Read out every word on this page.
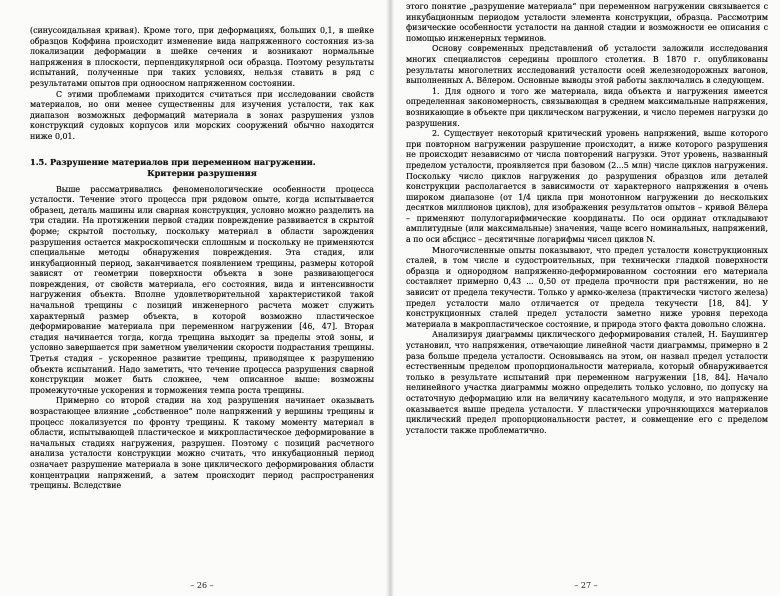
(синусоидальная кривая). Кроме того, при деформациях, больших 0,1, в шейке образцов Коффина происходит изменение вида напряженного состояния из-за локализации деформации в шейке сечения и возникают нормальные напряжения в плоскости, перпендикулярной оси образца. Поэтому результаты испытаний, полученные при таких условиях, нельзя ставить в ряд с результатами опытов при одноосном напряженном состоянии.

С этими проблемами приходится считаться при исследовании свойств материалов, но они менее существенны для изучения усталости, так как диапазон возможных деформаций материала в зонах разрушения узлов конструкций судовых корпусов или морских сооружений обычно находится ниже 0,01.

1.5. Разрушение материалов при переменном нагружении.
Критерии разрушения

Выше рассматривались феноменологические особенности процесса усталости. Течение этого процесса при рядовом опыте, когда испытывается образец, деталь машины или сварная конструкция, условно можно разделить на три стадии. На протяжении первой стадии повреждение развивается в скрытой форме; скрытой постольку, поскольку материал в области зарождения разрушения остается макроскопически сплошным и поскольку не применяются специальные методы обнаружения повреждения. Эта стадия, или инкубационный период, заканчивается появлением трещины, размеры которой зависят от геометрии поверхности объекта в зоне развивающегося повреждения, от свойств материала, его состояния, вида и интенсивности нагружения объекта. Вполне удовлетворительной характеристикой такой начальной трещины с позиций инженерного расчета может служить характерный размер объекта, в которой возможно пластическое деформирование материала при переменном нагружении [46, 47]. Вторая стадия начинается тогда, когда трещина выходит за пределы этой зоны, и условно завершается при заметном увеличении скорости подрастания трещины. Третья стадия – ускоренное развитие трещины, приводящее к разрушению объекта испытаний. Надо заметить, что течение процесса разрушения сварной конструкции может быть сложнее, чем описанное выше: возможны промежуточные ускорения и торможения темпа роста трещины.

Примерно со второй стадии на ход разрушения начинает оказывать возрастающее влияние „собственное“ поле напряжений у вершины трещины и процесс локализуется по фронту трещины. К такому моменту материал в области, испытывающей пластическое и микропластическое деформирование в начальных стадиях нагружения, разрушен. Поэтому с позиций расчетного анализа усталости конструкции можно считать, что инкубационный период означает разрушение материала в зоне циклического деформирования области концентрации напряжений, а затем происходит период распространения трещины. Вследствие

– 26 –

этого понятие „разрушение материала“ при переменном нагружении связывается с инкубационным периодом усталости элемента конструкции, образца. Рассмотрим физические особенности усталости на данной стадии и возможности ее описания с помощью инженерных терминов.

Основу современных представлений об усталости заложили исследования многих специалистов середины прошлого столетия. В 1870 г. опубликованы результаты многолетних исследований усталости осей железнодорожных вагонов, выполненных А. Вёлером. Основные выводы этой работы заключались в следующем.

1. Для одного и того же материала, вида объекта и нагружения имеется определенная закономерность, связывающая в среднем максимальные напряжения, возникающие в объекте при циклическом нагружении, и число перемен нагрузки до разрушения.

2. Существует некоторый критический уровень напряжений, выше которого при повторном нагружении разрушение происходит, а ниже которого разрушения не происходит независимо от числа повторений нагрузки. Этот уровень, названный пределом усталости, проявляется при базовом (2...5 млн) числе циклов нагружения. Поскольку число циклов нагружения до разрушения образцов или деталей конструкции располагается в зависимости от характерного напряжения в очень широком диапазоне (от 1/4 цикла при монотонном нагружении до нескольких десятков миллионов циклов), для изображения результатов опытов – кривой Вёлера – применяют полулогарифмические координаты. По оси ординат откладывают амплитудные (или максимальные) значения, чаще всего номинальных, напряжений, а по оси абсцисс – десятичные логарифмы чисел циклов N.

Многочисленные опыты показывают, что предел усталости конструкционных сталей, в том числе и судостроительных, при технически гладкой поверхности образца и однородном напряженно-деформированном состоянии его материала составляет примерно 0,43 ... 0,50 от предела прочности при растяжении, но не зависит от предела текучести. Только у армко-железа (практически чистого железа) предел усталости мало отличается от предела текучести [18, 84]. У конструкционных сталей предел усталости заметно ниже уровня перехода материала в макропластическое состояние, и природа этого факта довольно сложна.

Анализируя диаграммы циклического деформирования сталей, Н. Баушингер установил, что напряжения, отвечающие линейной части диаграммы, примерно в 2 раза больше предела усталости. Основываясь на этом, он назвал предел усталости естественным пределом пропорциональности материала, который обнаруживается только в результате испытаний при переменном нагружении [18, 84]. Начало нелинейного участка диаграммы можно определить только условно, по допуску на остаточную деформацию или на величину касательного модуля, и это напряжение оказывается выше предела усталости. У пластически упрочняющихся материалов циклический предел пропорциональности растет, и совмещение его с пределом усталости также проблематично.

– 27 –
